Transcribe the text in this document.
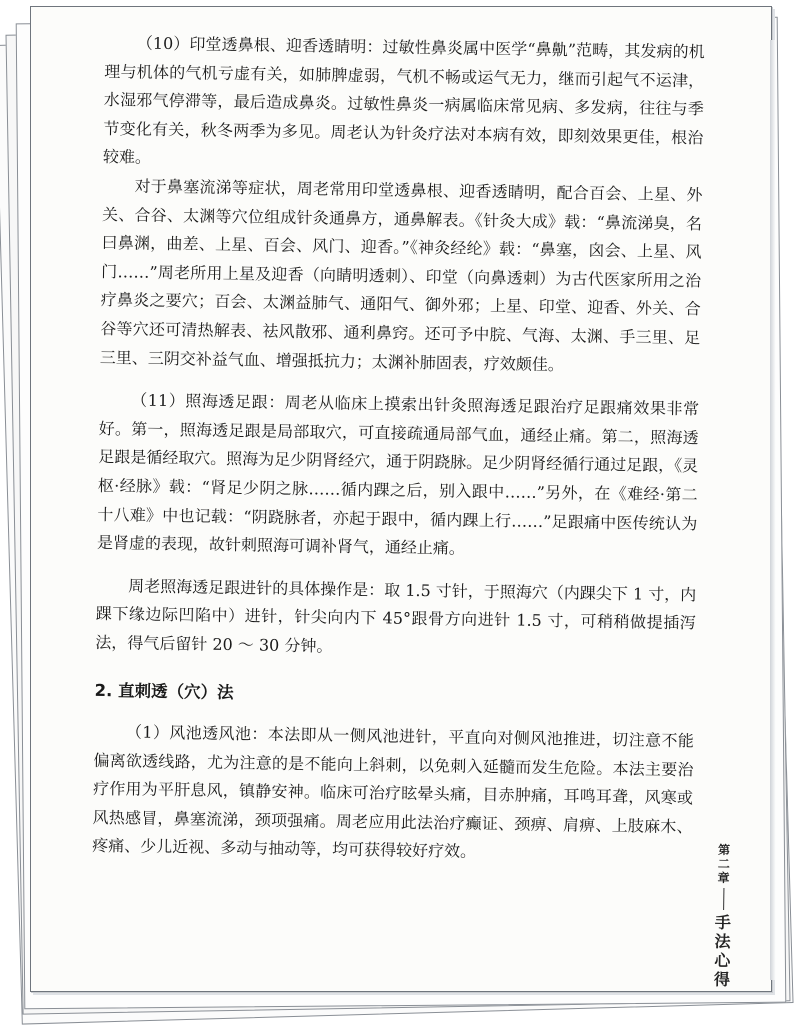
（10）印堂透鼻根、迎香透睛明：过敏性鼻炎属中医学“鼻鼽”范畴，其发病的机理与机体的气机亏虚有关，如肺脾虚弱，气机不畅或运气无力，继而引起气不运津，水湿邪气停滞等，最后造成鼻炎。过敏性鼻炎一病属临床常见病、多发病，往往与季节变化有关，秋冬两季为多见。周老认为针灸疗法对本病有效，即刻效果更佳，根治较难。

对于鼻塞流涕等症状，周老常用印堂透鼻根、迎香透睛明，配合百会、上星、外关、合谷、太渊等穴位组成针灸通鼻方，通鼻解表。《针灸大成》载：“鼻流涕臭，名曰鼻渊，曲差、上星、百会、风门、迎香。”《神灸经纶》载：“鼻塞，囟会、上星、风门……”周老所用上星及迎香（向睛明透刺）、印堂（向鼻透刺）为古代医家所用之治疗鼻炎之要穴；百会、太渊益肺气、通阳气、御外邪；上星、印堂、迎香、外关、合谷等穴还可清热解表、祛风散邪、通利鼻窍。还可予中脘、气海、太渊、手三里、足三里、三阴交补益气血、增强抵抗力；太渊补肺固表，疗效颇佳。

（11）照海透足跟：周老从临床上摸索出针灸照海透足跟治疗足跟痛效果非常好。第一，照海透足跟是局部取穴，可直接疏通局部气血，通经止痛。第二，照海透足跟是循经取穴。照海为足少阴肾经穴，通于阴跷脉。足少阴肾经循行通过足跟，《灵枢·经脉》载：“肾足少阴之脉……循内踝之后，别入跟中……”另外，在《难经·第二十八难》中也记载：“阴跷脉者，亦起于跟中，循内踝上行……”足跟痛中医传统认为是肾虚的表现，故针刺照海可调补肾气，通经止痛。

周老照海透足跟进针的具体操作是：取 1.5 寸针，于照海穴（内踝尖下 1 寸，内踝下缘边际凹陷中）进针，针尖向内下 45°跟骨方向进针 1.5 寸，可稍稍做提插泻法，得气后留针 20 ～ 30 分钟。

2. 直刺透（穴）法

（1）风池透风池：本法即从一侧风池进针，平直向对侧风池推进，切注意不能偏离欲透线路，尤为注意的是不能向上斜刺，以免刺入延髓而发生危险。本法主要治疗作用为平肝息风，镇静安神。临床可治疗眩晕头痛，目赤肿痛，耳鸣耳聋，风寒或风热感冒，鼻塞流涕，颈项强痛。周老应用此法治疗癫证、颈痹、肩痹、上肢麻木、疼痛、少儿近视、多动与抽动等，均可获得较好疗效。	第
二
章
手
法
心
得
